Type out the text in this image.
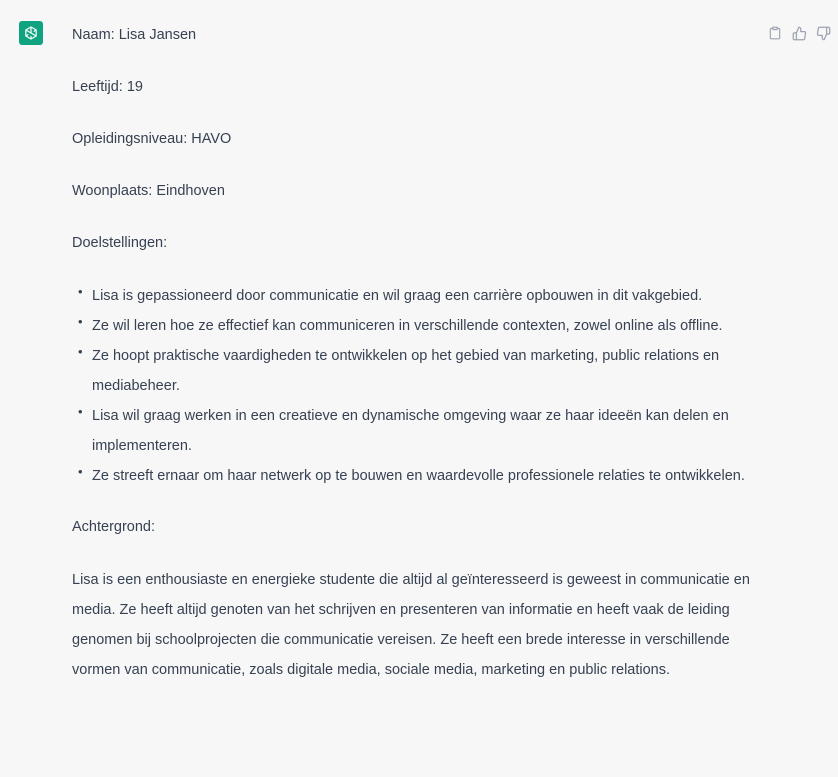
Naam: Lisa Jansen

Leeftijd: 19

Opleidingsniveau: HAVO

Woonplaats: Eindhoven

Doelstellingen:

• Lisa is gepassioneerd door communicatie en wil graag een carrière opbouwen in dit vakgebied.
• Ze wil leren hoe ze effectief kan communiceren in verschillende contexten, zowel online als offline.
• Ze hoopt praktische vaardigheden te ontwikkelen op het gebied van marketing, public relations en mediabeheer.
• Lisa wil graag werken in een creatieve en dynamische omgeving waar ze haar ideeën kan delen en implementeren.
• Ze streeft ernaar om haar netwerk op te bouwen en waardevolle professionele relaties te ontwikkelen.

Achtergrond:

Lisa is een enthousiaste en energieke studente die altijd al geïnteresseerd is geweest in communicatie en media. Ze heeft altijd genoten van het schrijven en presenteren van informatie en heeft vaak de leiding genomen bij schoolprojecten die communicatie vereisen. Ze heeft een brede interesse in verschillende vormen van communicatie, zoals digitale media, sociale media, marketing en public relations.
